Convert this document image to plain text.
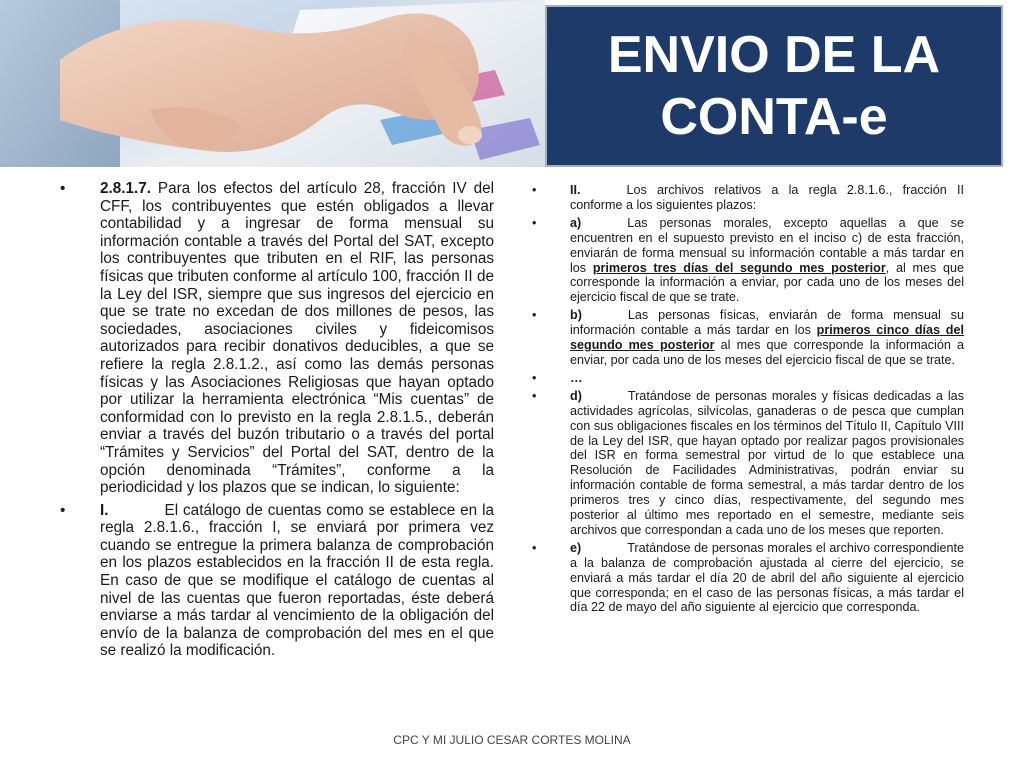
ENVIO DE LA CONTA-e
• 2.8.1.7. Para los efectos del artículo 28, fracción IV del CFF, los contribuyentes que estén obligados a llevar contabilidad y a ingresar de forma mensual su información contable a través del Portal del SAT, excepto los contribuyentes que tributen en el RIF, las personas físicas que tributen conforme al artículo 100, fracción II de la Ley del ISR, siempre que sus ingresos del ejercicio en que se trate no excedan de dos millones de pesos, las sociedades, asociaciones civiles y fideicomisos autorizados para recibir donativos deducibles, a que se refiere la regla 2.8.1.2., así como las demás personas físicas y las Asociaciones Religiosas que hayan optado por utilizar la herramienta electrónica “Mis cuentas” de conformidad con lo previsto en la regla 2.8.1.5., deberán enviar a través del buzón tributario o a través del portal “Trámites y Servicios” del Portal del SAT, dentro de la opción denominada “Trámites”, conforme a la periodicidad y los plazos que se indican, lo siguiente:
• I.	El catálogo de cuentas como se establece en la regla 2.8.1.6., fracción I, se enviará por primera vez cuando se entregue la primera balanza de comprobación en los plazos establecidos en la fracción II de esta regla. En caso de que se modifique el catálogo de cuentas al nivel de las cuentas que fueron reportadas, éste deberá enviarse a más tardar al vencimiento de la obligación del envío de la balanza de comprobación del mes en el que se realizó la modificación.
•	II.	Los archivos relativos a la regla 2.8.1.6., fracción II conforme a los siguientes plazos:
•	a)	Las personas morales, excepto aquellas a que se encuentren en el supuesto previsto en el inciso c) de esta fracción, enviarán de forma mensual su información contable a más tardar en los primeros tres días del segundo mes posterior, al mes que corresponde la información a enviar, por cada uno de los meses del ejercicio fiscal de que se trate.
•	b)	Las personas físicas, enviarán de forma mensual su información contable a más tardar en los primeros cinco días del segundo mes posterior al mes que corresponde la información a enviar, por cada uno de los meses del ejercicio fiscal de que se trate.
•	…
•	d)	Tratándose de personas morales y físicas dedicadas a las actividades agrícolas, silvícolas, ganaderas o de pesca que cumplan con sus obligaciones fiscales en los términos del Título II, Capítulo VIII de la Ley del ISR, que hayan optado por realizar pagos provisionales del ISR en forma semestral por virtud de lo que establece una Resolución de Facilidades Administrativas, podrán enviar su información contable de forma semestral, a más tardar dentro de los primeros tres y cinco días, respectivamente, del segundo mes posterior al último mes reportado en el semestre, mediante seis archivos que correspondan a cada uno de los meses que reporten.
•	e)	Tratándose de personas morales el archivo correspondiente a la balanza de comprobación ajustada al cierre del ejercicio, se enviará a más tardar el día 20 de abril del año siguiente al ejercicio que corresponda; en el caso de las personas físicas, a más tardar el día 22 de mayo del año siguiente al ejercicio que corresponda.
CPC Y MI JULIO CESAR CORTES MOLINA
